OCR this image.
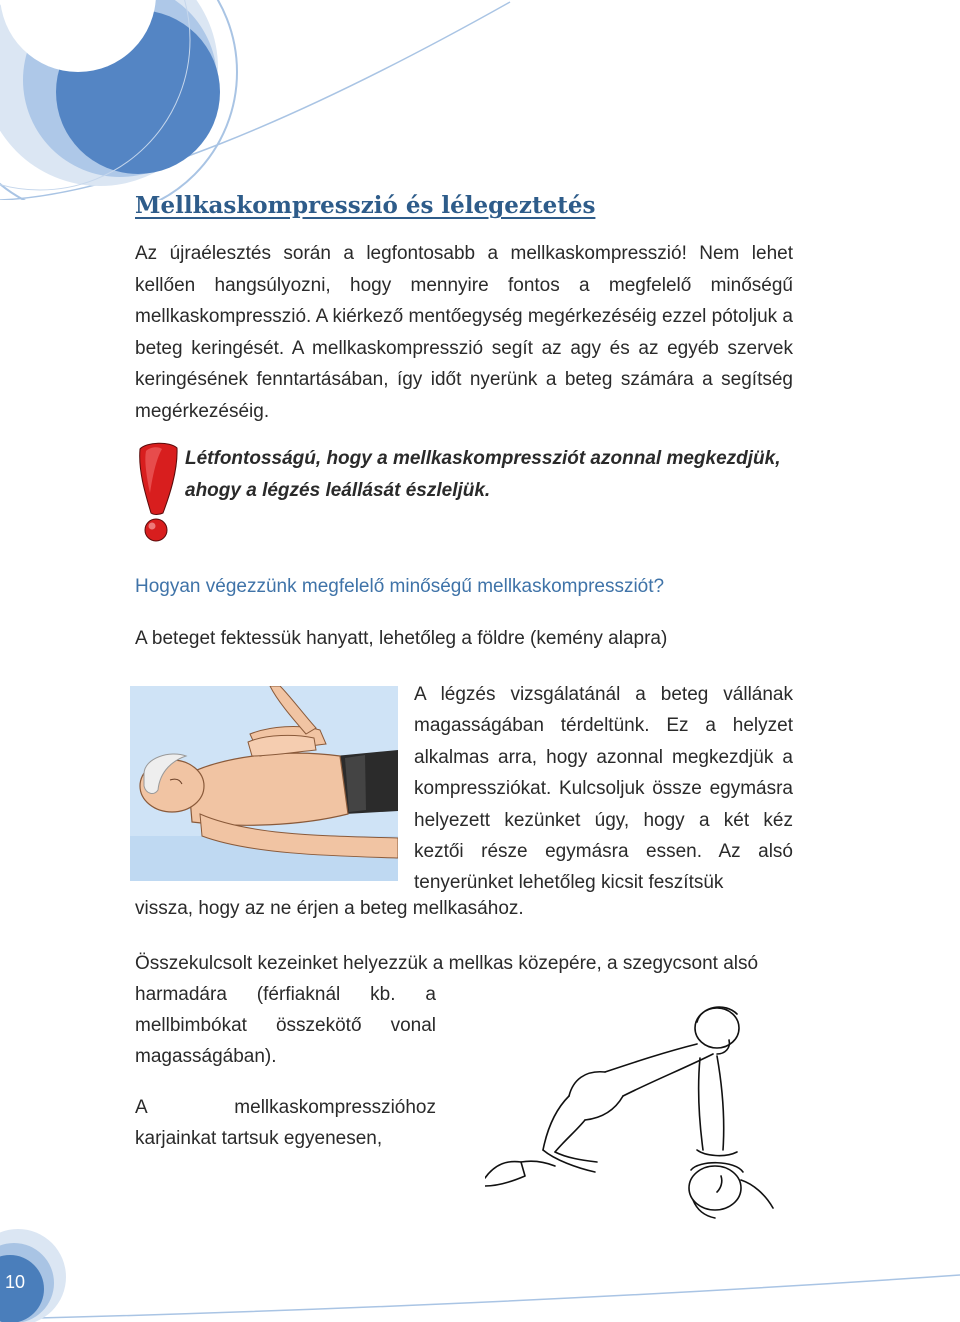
10
Mellkaskompresszió és lélegeztetés

Az újraélesztés során a legfontosabb a mellkaskompresszió! Nem lehet kellően hangsúlyozni, hogy mennyire fontos a megfelelő minőségű mellkaskompresszió. A kiérkező mentőegység megérkezéséig ezzel pótoljuk a beteg keringését. A mellkaskompresszió segít az agy és az egyéb szervek keringésének fenntartásában, így időt nyerünk a beteg számára a segítség megérkezéséig.

Létfontosságú, hogy a mellkaskompressziót azonnal megkezdjük, ahogy a légzés leállását észleljük.

Hogyan végezzünk megfelelő minőségű mellkaskompressziót?

A beteget fektessük hanyatt, lehetőleg a földre (kemény alapra)

A légzés vizsgálatánál a beteg vállának magasságában térdeltünk. Ez a helyzet alkalmas arra, hogy azonnal megkezdjük a kompressziókat. Kulcsoljuk össze egymásra helyezett kezünket úgy, hogy a két kéz keztői része egymásra essen. Az alsó tenyerünket lehetőleg kicsit feszítsük

vissza, hogy az ne érjen a beteg mellkasához.

Összekulcsolt kezeinket helyezzük a mellkas közepére, a szegycsont alsó

harmadára (férfiaknál kb. a mellbimbókat összekötő vonal magasságában).

A mellkaskompresszióhoz karjainkat tartsuk egyenesen,
